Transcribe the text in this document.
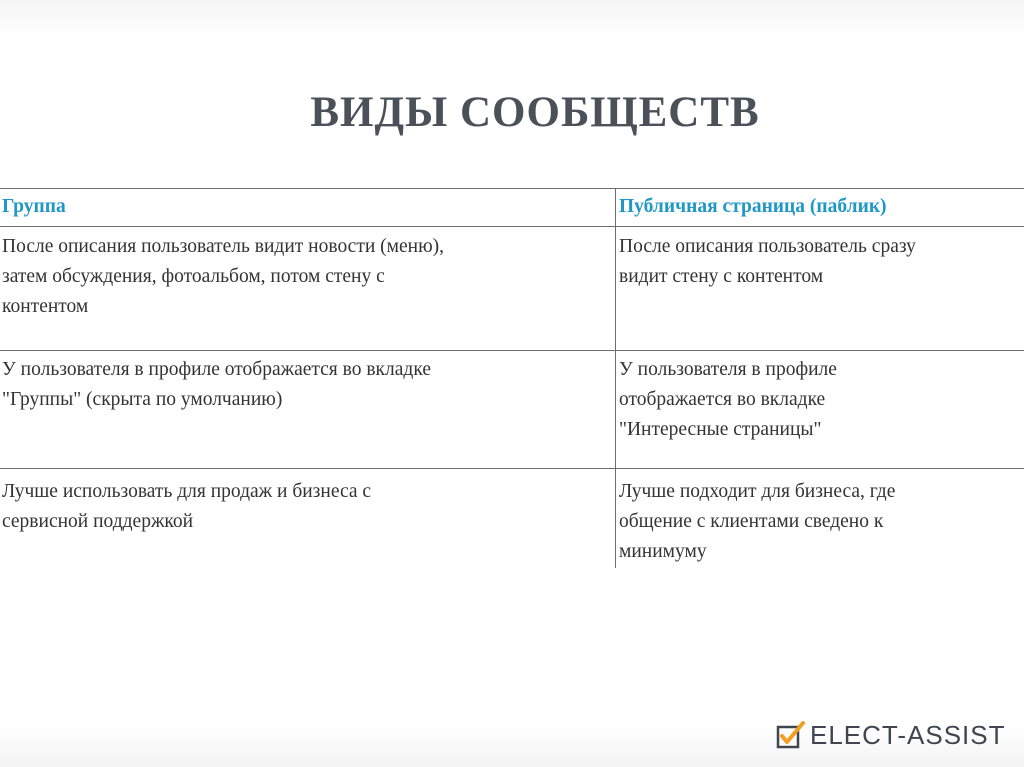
ВИДЫ СООБЩЕСТВ
Группа	Публичная страница (паблик)
После описания пользователь видит новости (меню),
затем обсуждения, фотоальбом, потом стену с
контентом
После описания пользователь сразу
видит стену с контентом
У пользователя в профиле отображается во вкладке
"Группы" (скрыта по умолчанию)
У пользователя в профиле
отображается во вкладке
"Интересные страницы"
Лучше использовать для продаж и бизнеса с
сервисной поддержкой
Лучше подходит для бизнеса, где
общение с клиентами сведено к
минимуму
ELECT-ASSIST
